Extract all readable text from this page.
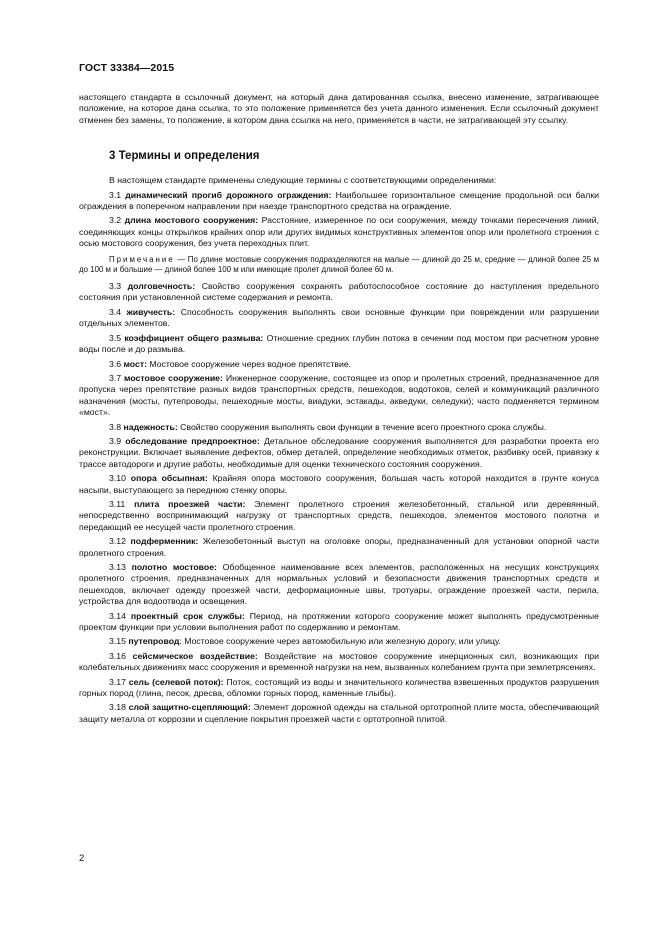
ГОСТ 33384—2015

настоящего стандарта в ссылочный документ, на который дана датированная ссылка, внесено изменение, затрагивающее положение, на которое дана ссылка, то это положение применяется без учета данного изменения. Если ссылочный документ отменен без замены, то положение, в котором дана ссылка на него, применяется в части, не затрагивающей эту ссылку.

3 Термины и определения

В настоящем стандарте применены следующие термины с соответствующими определениями:

3.1 динамический прогиб дорожного ограждения: Наибольшее горизонтальное смещение продольной оси балки ограждения в поперечном направлении при наезде транспортного средства на ограждение.

3.2 длина мостового сооружения: Расстояние, измеренное по оси сооружения, между точками пересечения линий, соединяющих концы открылков крайних опор или других видимых конструктивных элементов опор или пролетного строения с осью мостового сооружения, без учета переходных плит.

Примечание — По длине мостовые сооружения подразделяются на малые — длиной до 25 м, средние — длиной более 25 м до 100 м и большие — длиной более 100 м или имеющие пролет длиной более 60 м.

3.3 долговечность: Свойство сооружения сохранять работоспособное состояние до наступления предельного состояния при установленной системе содержания и ремонта.

3.4 живучесть: Способность сооружения выполнять свои основные функции при повреждении или разрушении отдельных элементов.

3.5 коэффициент общего размыва: Отношение средних глубин потока в сечении под мостом при расчетном уровне воды после и до размыва.

3.6 мост: Мостовое сооружение через водное препятствие.

3.7 мостовое сооружение: Инженерное сооружение, состоящее из опор и пролетных строений, предназначенное для пропуска через препятствие разных видов транспортных средств, пешеходов, водотоков, селей и коммуникаций различного назначения (мосты, путепроводы, пешеходные мосты, виадуки, эстакады, акведуки, селедуки); часто подменяется термином «мост».

3.8 надежность: Свойство сооружения выполнять свои функции в течение всего проектного срока службы.

3.9 обследование предпроектное: Детальное обследование сооружения выполняется для разработки проекта его реконструкции. Включает выявление дефектов, обмер деталей, определение необходимых отметок, разбивку осей, привязку к трассе автодороги и другие работы, необходимые для оценки технического состояния сооружения.

3.10 опора обсыпная: Крайняя опора мостового сооружения, большая часть которой находится в грунте конуса насыпи, выступающего за переднюю стенку опоры.

3.11 плита проезжей части: Элемент пролетного строения железобетонный, стальной или деревянный, непосредственно воспринимающий нагрузку от транспортных средств, пешеходов, элементов мостового полотна и передающий ее несущей части пролетного строения.

3.12 подферменник: Железобетонный выступ на оголовке опоры, предназначенный для установки опорной части пролетного строения.

3.13 полотно мостовое: Обобщенное наименование всех элементов, расположенных на несущих конструкциях пролетного строения, предназначенных для нормальных условий и безопасности движения транспортных средств и пешеходов, включает одежду проезжей части, деформационные швы, тротуары, ограждение проезжей части, перила, устройства для водоотвода и освещения.

3.14 проектный срок службы: Период, на протяжении которого сооружение может выполнять предусмотренные проектом функции при условии выполнения работ по содержанию и ремонтам.

3.15 путепровод: Мостовое сооружение через автомобильную или железную дорогу, или улицу.

3.16 сейсмическое воздействие: Воздействие на мостовое сооружение инерционных сил, возникающих при колебательных движениях масс сооружения и временной нагрузки на нем, вызванных колебанием грунта при землетрясениях.

3.17 сель (селевой поток): Поток, состоящий из воды и значительного количества взвешенных продуктов разрушения горных пород (глина, песок, дресва, обломки горных пород, каменные глыбы).

3.18 слой защитно-сцепляющий: Элемент дорожной одежды на стальной ортотропной плите моста, обеспечивающий защиту металла от коррозии и сцепление покрытия проезжей части с ортотропной плитой.

2
